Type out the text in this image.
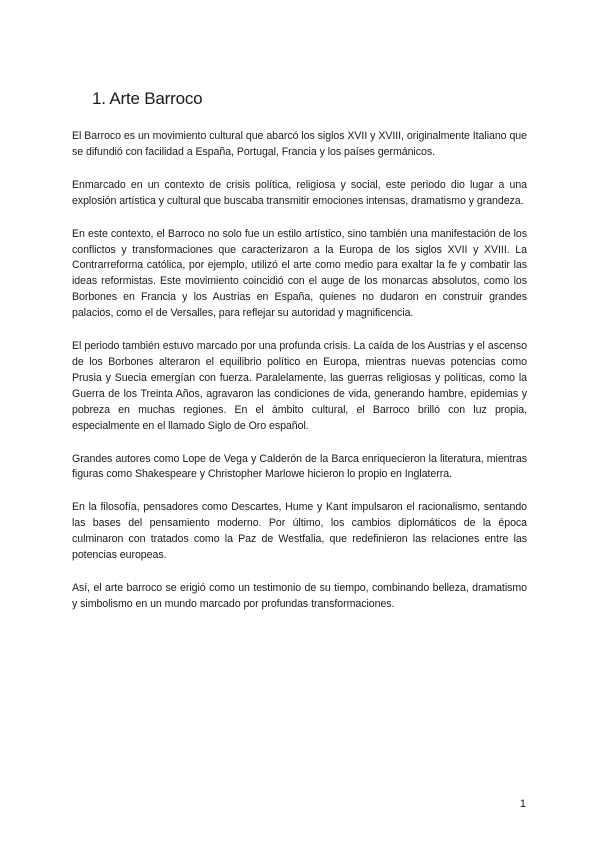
1. Arte Barroco

El Barroco es un movimiento cultural que abarcó los siglos XVII y XVIII, originalmente Italiano que se difundió con facilidad a España, Portugal, Francia y los países germánicos.

Enmarcado en un contexto de crisis política, religiosa y social, este periodo dio lugar a una explosión artística y cultural que buscaba transmitir emociones intensas, dramatismo y grandeza.

En este contexto, el Barroco no solo fue un estilo artístico, sino también una manifestación de los conflictos y transformaciones que caracterizaron a la Europa de los siglos XVII y XVIII. La Contrarreforma católica, por ejemplo, utilizó el arte como medio para exaltar la fe y combatir las ideas reformistas. Este movimiento coincidió con el auge de los monarcas absolutos, como los Borbones en Francia y los Austrias en España, quienes no dudaron en construir grandes palacios, como el de Versalles, para reflejar su autoridad y magnificencia.

El periodo también estuvo marcado por una profunda crisis. La caída de los Austrias y el ascenso de los Borbones alteraron el equilibrio político en Europa, mientras nuevas potencias como Prusia y Suecia emergían con fuerza. Paralelamente, las guerras religiosas y políticas, como la Guerra de los Treinta Años, agravaron las condiciones de vida, generando hambre, epidemias y pobreza en muchas regiones. En el ámbito cultural, el Barroco brilló con luz propia, especialmente en el llamado Siglo de Oro español.

Grandes autores como Lope de Vega y Calderón de la Barca enriquecieron la literatura, mientras figuras como Shakespeare y Christopher Marlowe hicieron lo propio en Inglaterra.

En la filosofía, pensadores como Descartes, Hume y Kant impulsaron el racionalismo, sentando las bases del pensamiento moderno. Por último, los cambios diplomáticos de la época culminaron con tratados como la Paz de Westfalia, que redefinieron las relaciones entre las potencias europeas.

Así, el arte barroco se erigió como un testimonio de su tiempo, combinando belleza, dramatismo y simbolismo en un mundo marcado por profundas transformaciones.

1
